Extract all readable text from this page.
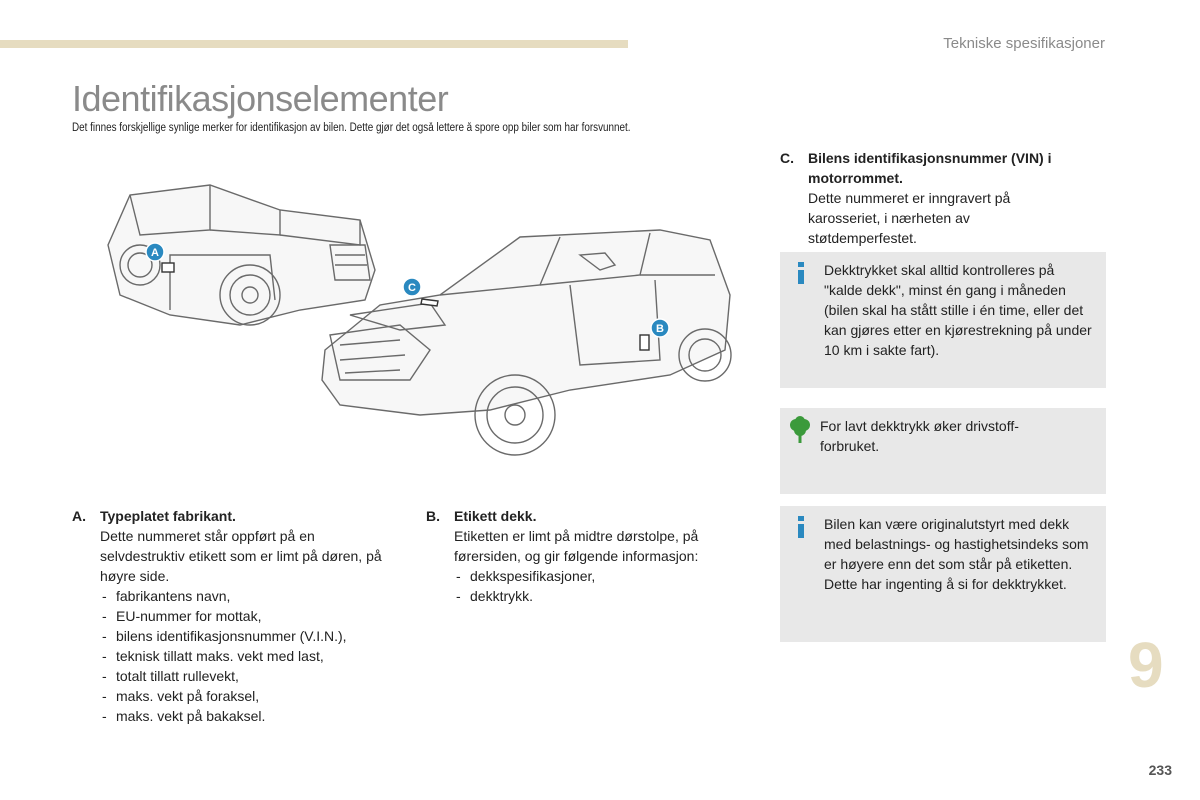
Tekniske spesifikasjoner
Identifikasjonselementer
Det finnes forskjellige synlige merker for identifikasjon av bilen. Dette gjør det også lettere å spore opp biler som har forsvunnet.
A
B
C
A. Typeplatet fabrikant.
Dette nummeret står oppført på en selvdestruktiv etikett som er limt på døren, på høyre side.
- fabrikantens navn,
- EU-nummer for mottak,
- bilens identifikasjonsnummer (V.I.N.),
- teknisk tillatt maks. vekt med last,
- totalt tillatt rullevekt,
- maks. vekt på foraksel,
- maks. vekt på bakaksel.
B. Etikett dekk.
Etiketten er limt på midtre dørstolpe, på førersiden, og gir følgende informasjon:
- dekkspesifikasjoner,
- dekktrykk.
C. Bilens identifikasjonsnummer (VIN) i motorrommet.
Dette nummeret er inngravert på karosseriet, i nærheten av støtdemperfestet.
Dekktrykket skal alltid kontrolleres på "kalde dekk", minst én gang i måneden (bilen skal ha stått stille i én time, eller det kan gjøres etter en kjørestrekning på under 10 km i sakte fart).
For lavt dekktrykk øker drivstoff-forbruket.
Bilen kan være originalutstyrt med dekk med belastnings- og hastighetsindeks som er høyere enn det som står på etiketten. Dette har ingenting å si for dekktrykket.
9
233
